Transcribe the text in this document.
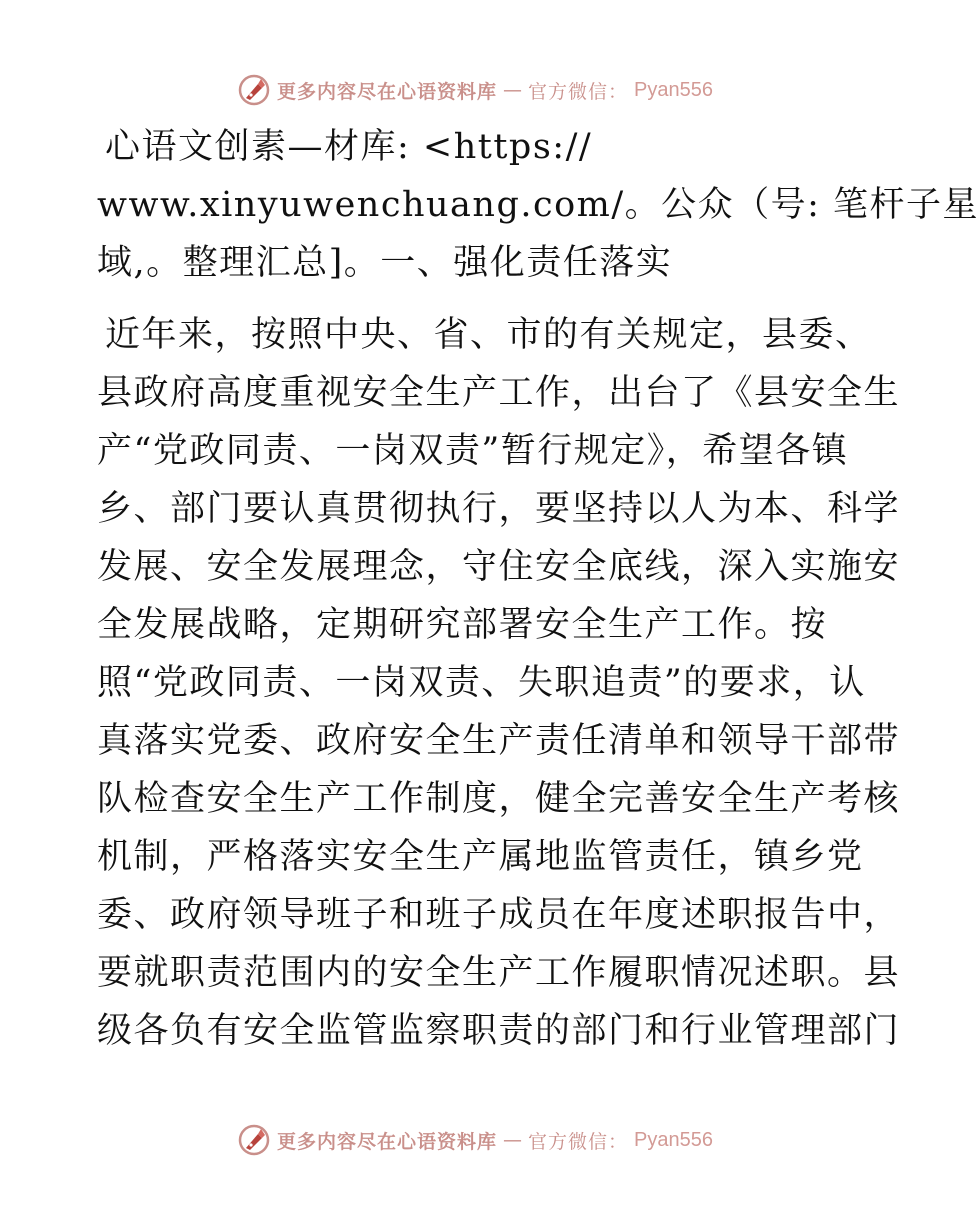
更多内容尽在心语资料库 — 官方微信： Pyan556
心语文创素—材库: <https://
www.xinyuwenchuang.com/。公众（号: 笔杆子星
域,。整理汇总]。一、强化责任落实
近年来，按照中央、省、市的有关规定，县委、
县政府高度重视安全生产工作，出台了《县安全生
产“党政同责、一岗双责”暂行规定》，希望各镇
乡、部门要认真贯彻执行，要坚持以人为本、科学
发展、安全发展理念，守住安全底线，深入实施安
全发展战略，定期研究部署安全生产工作。按
照“党政同责、一岗双责、失职追责”的要求，认
真落实党委、政府安全生产责任清单和领导干部带
队检查安全生产工作制度，健全完善安全生产考核
机制，严格落实安全生产属地监管责任，镇乡党
委、政府领导班子和班子成员在年度述职报告中，
要就职责范围内的安全生产工作履职情况述职。县
级各负有安全监管监察职责的部门和行业管理部门
更多内容尽在心语资料库 — 官方微信： Pyan556
